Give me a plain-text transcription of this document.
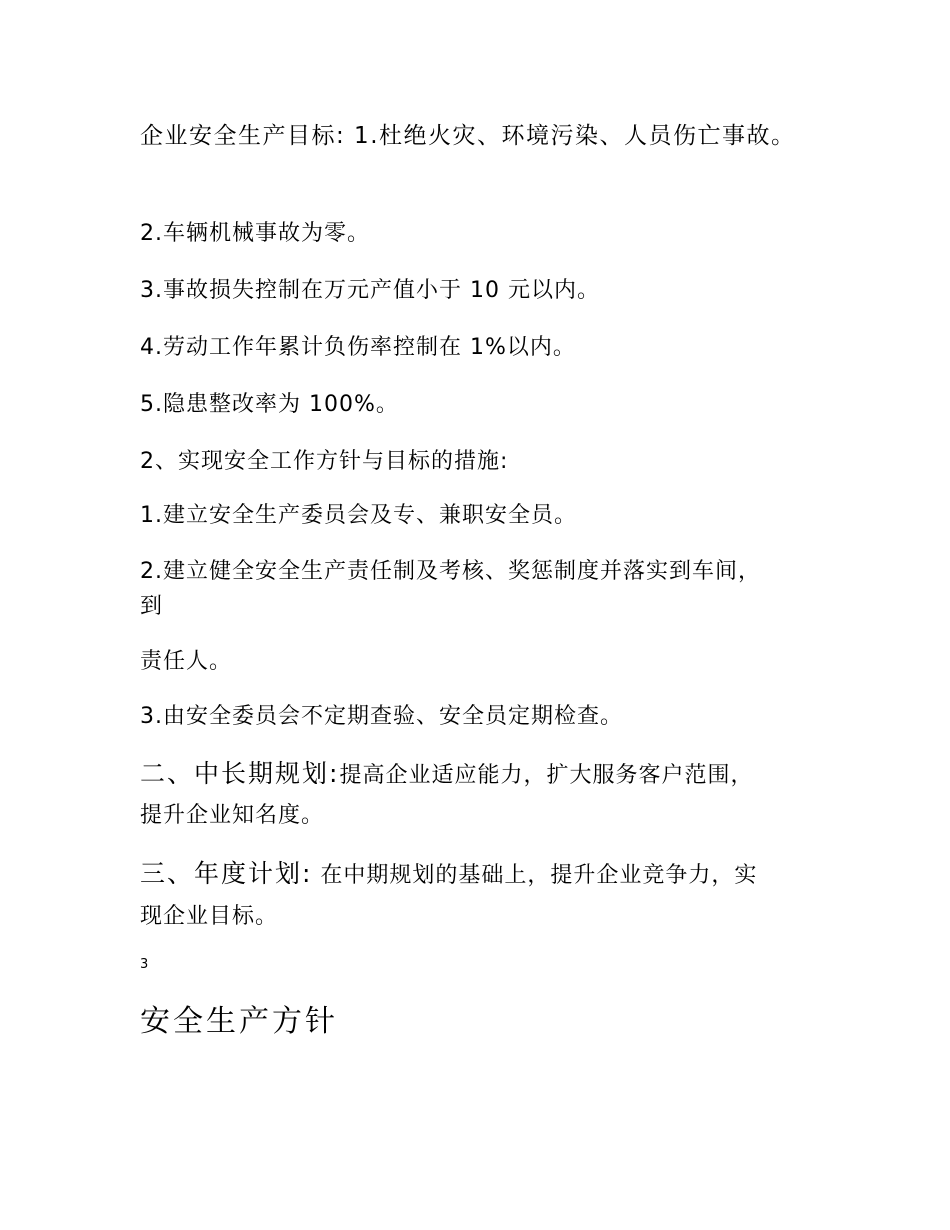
企业安全生产目标: 1.杜绝火灾、环境污染、人员伤亡事故。
2.车辆机械事故为零。
3.事故损失控制在万元产值小于 10 元以内。
4.劳动工作年累计负伤率控制在 1%以内。
5.隐患整改率为 100%。
2、实现安全工作方针与目标的措施:
1.建立安全生产委员会及专、兼职安全员。
2.建立健全安全生产责任制及考核、奖惩制度并落实到车间，
到
责任人。
3.由安全委员会不定期查验、安全员定期检查。
二、中长期规划:提高企业适应能力，扩大服务客户范围，
提升企业知名度。
三、年度计划: 在中期规划的基础上，提升企业竞争力，实
现企业目标。
3
安全生产方针
